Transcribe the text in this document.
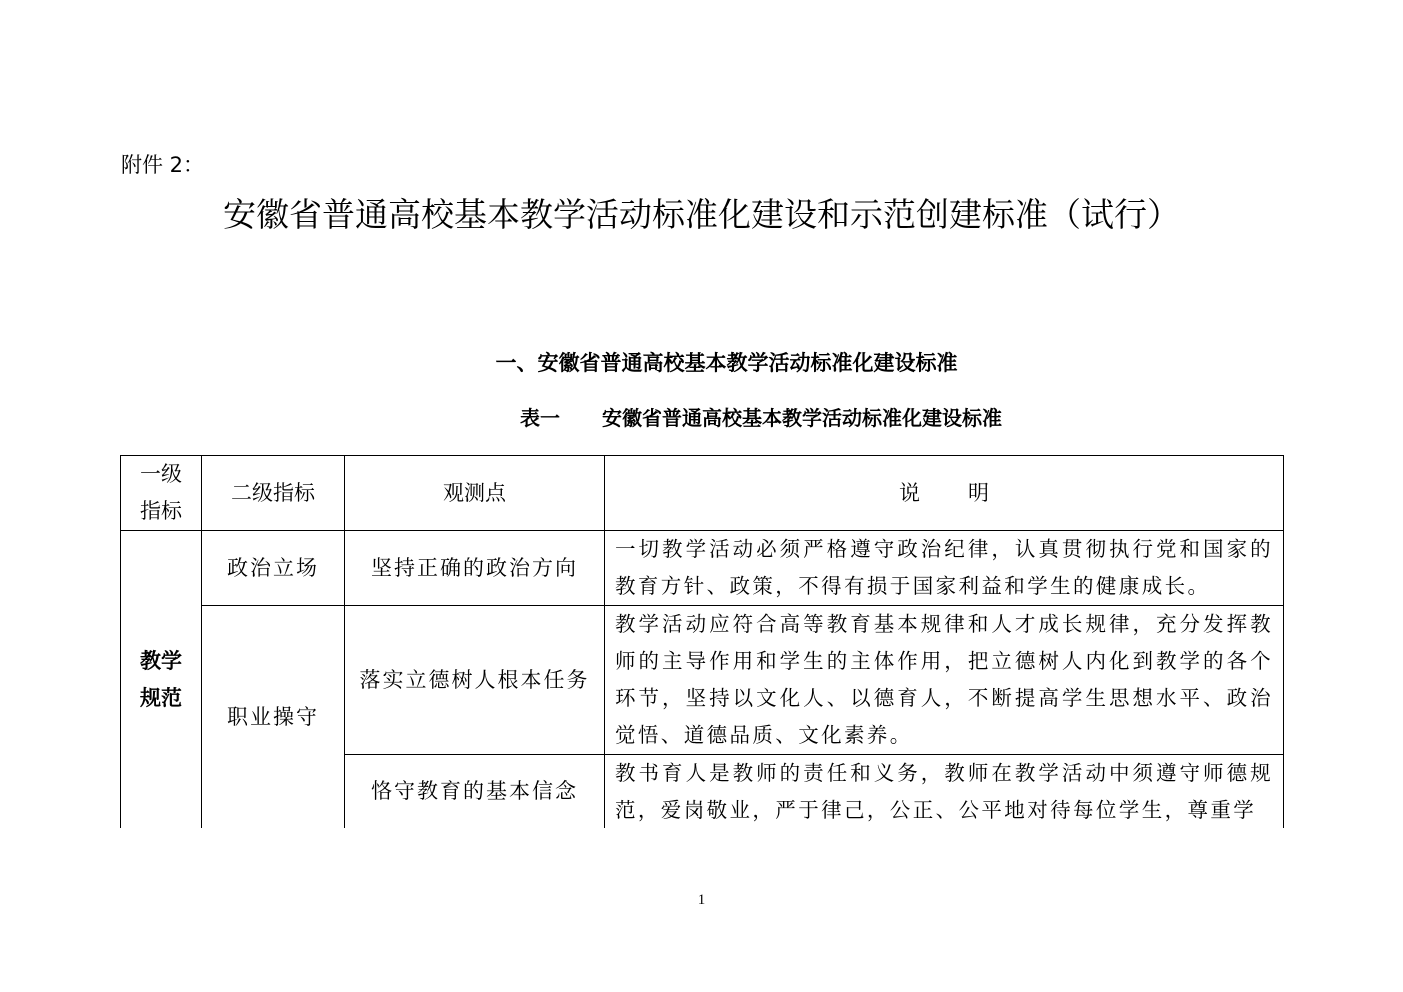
附件 2：
安徽省普通高校基本教学活动标准化建设和示范创建标准（试行）
一、安徽省普通高校基本教学活动标准化建设标准
表一 安徽省普通高校基本教学活动标准化建设标准
一级
指标	二级指标	观测点	说 明

教学
规范	政治立场	坚持正确的政治方向	一切教学活动必须严格遵守政治纪律，认真贯彻执行党和国家的教育方针、政策，不得有损于国家利益和学生的健康成长。
	职业操守	落实立德树人根本任务	教学活动应符合高等教育基本规律和人才成长规律，充分发挥教师的主导作用和学生的主体作用，把立德树人内化到教学的各个环节，坚持以文化人、以德育人，不断提高学生思想水平、政治觉悟、道德品质、文化素养。
		恪守教育的基本信念	教书育人是教师的责任和义务，教师在教学活动中须遵守师德规范，爱岗敬业，严于律己，公正、公平地对待每位学生，尊重学
1
